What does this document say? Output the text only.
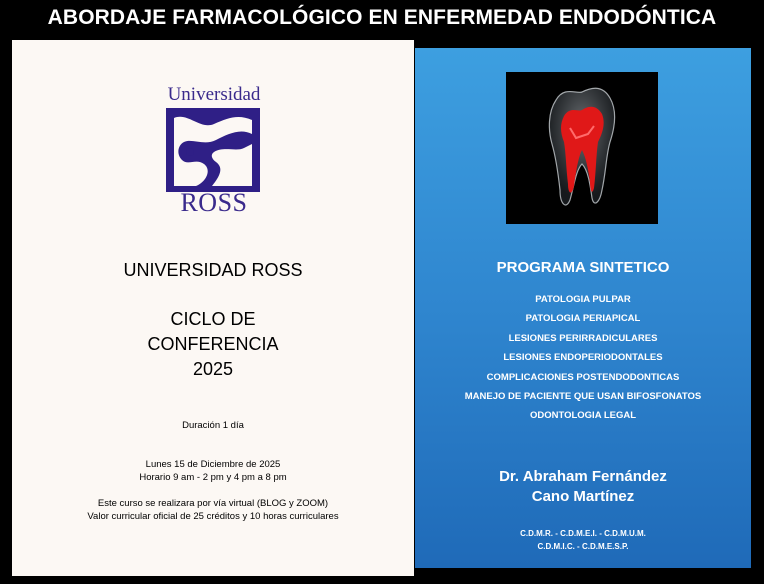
ABORDAJE FARMACOLÓGICO EN ENFERMEDAD ENDODÓNTICA
Universidad
ROSS
UNIVERSIDAD ROSS
CICLO DE
CONFERENCIA
2025
Duración 1 día
Lunes 15 de Diciembre de 2025
Horario 9 am - 2 pm y 4 pm a 8 pm
Este curso se realizara por vía virtual (BLOG y ZOOM)
Valor curricular oficial de 25 créditos y 10 horas curriculares
PROGRAMA SINTETICO
PATOLOGIA PULPAR
PATOLOGIA PERIAPICAL
LESIONES PERIRRADICULARES
LESIONES ENDOPERIODONTALES
COMPLICACIONES POSTENDODONTICAS
MANEJO DE PACIENTE QUE USAN BIFOSFONATOS
ODONTOLOGIA LEGAL
Dr. Abraham Fernández
Cano Martínez
C.D.M.R. - C.D.M.E.I. - C.D.M.U.M.
C.D.M.I.C. - C.D.M.E.S.P.
